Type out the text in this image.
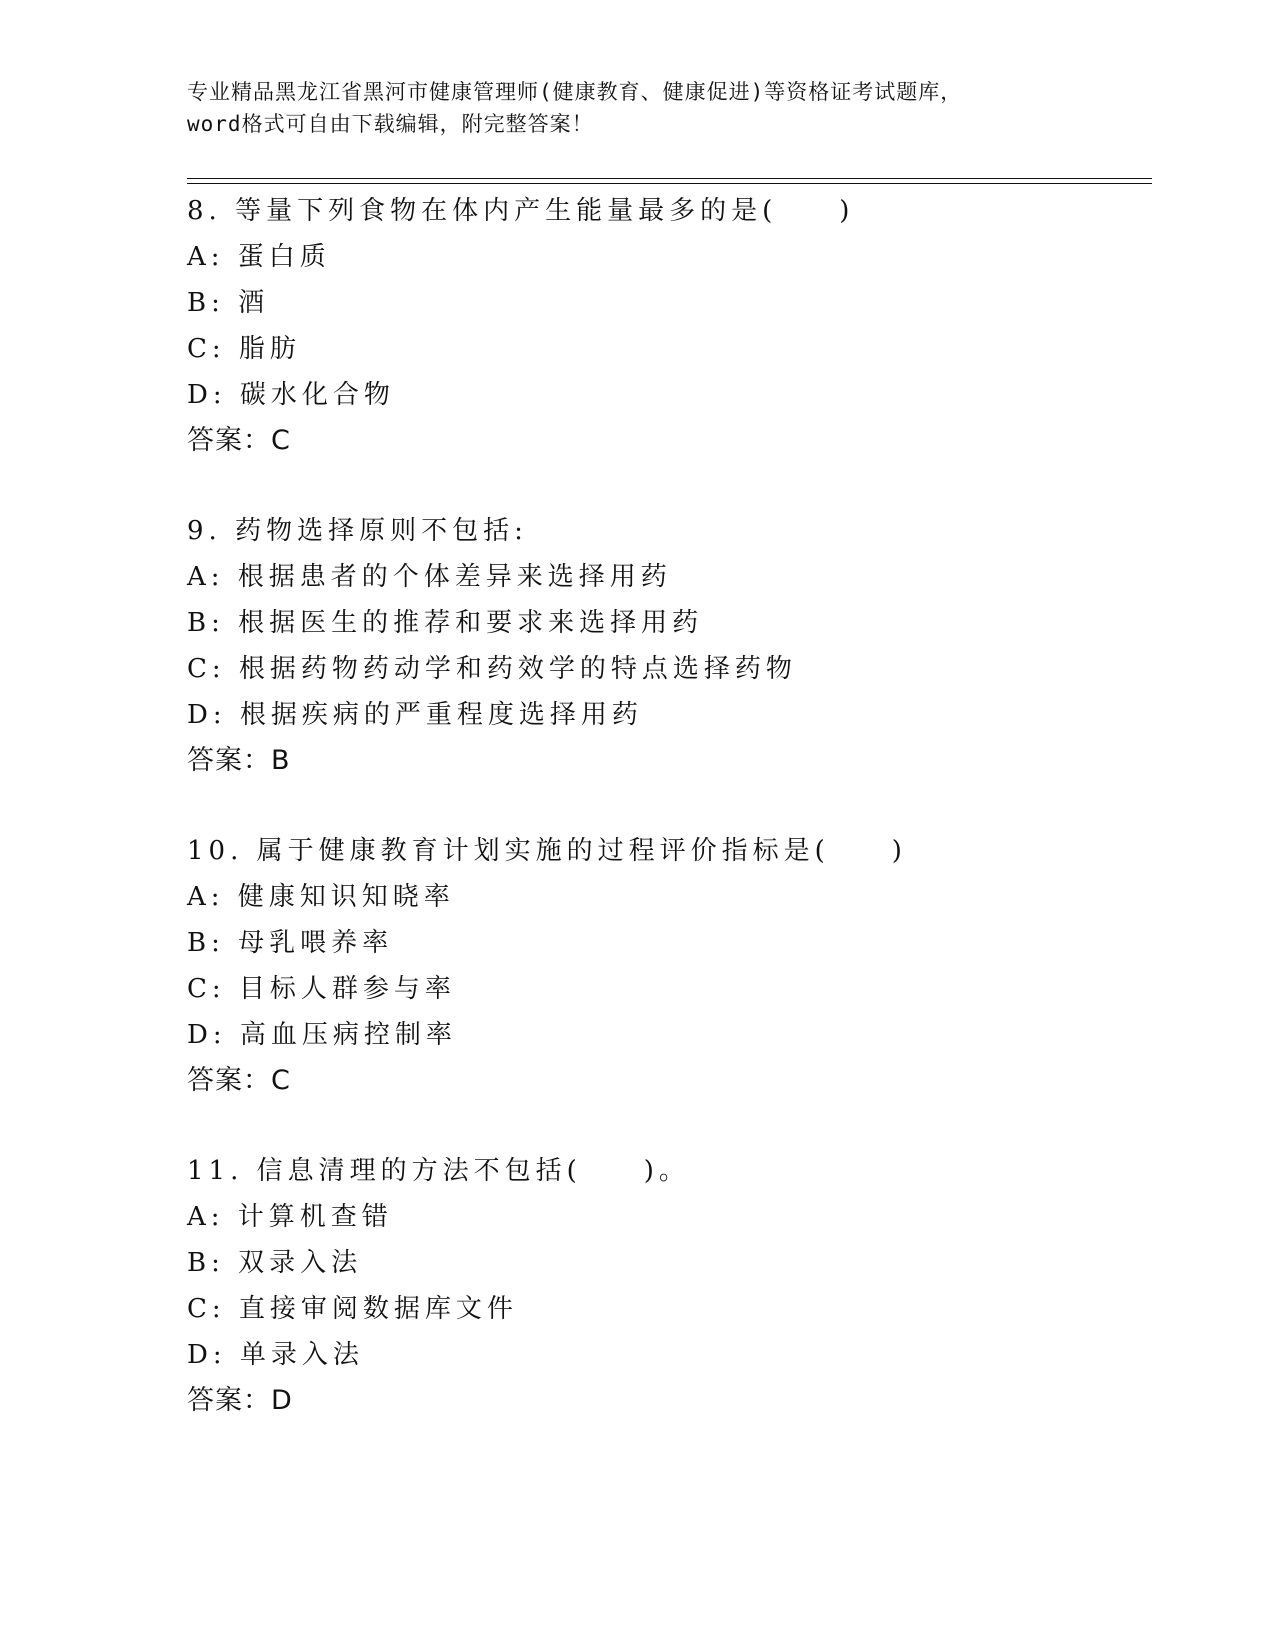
专业精品黑龙江省黑河市健康管理师(健康教育、健康促进)等资格证考试题库，
word格式可自由下载编辑，附完整答案！
8. 等量下列食物在体内产生能量最多的是(　　)
A: 蛋白质
B: 酒
C: 脂肪
D: 碳水化合物
答案：C
9. 药物选择原则不包括:
A: 根据患者的个体差异来选择用药
B: 根据医生的推荐和要求来选择用药
C: 根据药物药动学和药效学的特点选择药物
D: 根据疾病的严重程度选择用药
答案：B
10. 属于健康教育计划实施的过程评价指标是(　　)
A: 健康知识知晓率
B: 母乳喂养率
C: 目标人群参与率
D: 高血压病控制率
答案：C
11. 信息清理的方法不包括(　　)。
A: 计算机查错
B: 双录入法
C: 直接审阅数据库文件
D: 单录入法
答案：D
